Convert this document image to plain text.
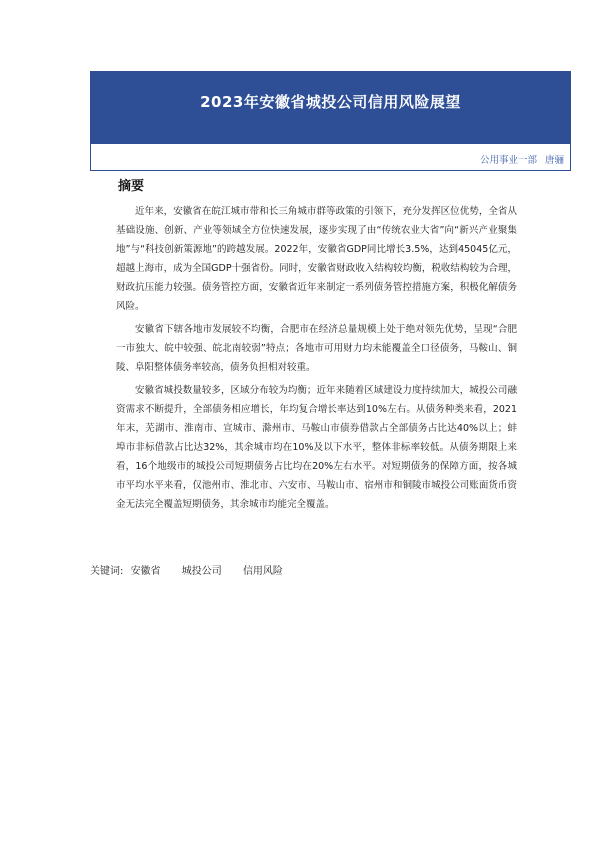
2023年安徽省城投公司信用风险展望
公用事业一部 唐骊
摘要

近年来，安徽省在皖江城市带和长三角城市群等政策的引领下，充分发挥区位优势，全省从基础设施、创新、产业等领域全方位快速发展，逐步实现了由“传统农业大省”向“新兴产业聚集地”与“科技创新策源地”的跨越发展。2022年，安徽省GDP同比增长3.5%，达到45045亿元，超越上海市，成为全国GDP十强省份。同时，安徽省财政收入结构较均衡，税收结构较为合理，财政抗压能力较强。债务管控方面，安徽省近年来制定一系列债务管控措施方案，积极化解债务风险。

安徽省下辖各地市发展较不均衡，合肥市在经济总量规模上处于绝对领先优势，呈现“合肥一市独大、皖中较强、皖北南较弱”特点；各地市可用财力均未能覆盖全口径债务，马鞍山、铜陵、阜阳整体债务率较高，债务负担相对较重。

安徽省城投数量较多，区域分布较为均衡；近年来随着区域建设力度持续加大，城投公司融资需求不断提升，全部债务相应增长，年均复合增长率达到10%左右。从债务种类来看，2021年末，芜湖市、淮南市、宣城市、滁州市、马鞍山市债券借款占全部债务占比达40%以上；蚌埠市非标借款占比达32%，其余城市均在10%及以下水平，整体非标率较低。从债务期限上来看，16个地级市的城投公司短期债务占比均在20%左右水平。对短期债务的保障方面，按各城市平均水平来看，仅池州市、淮北市、六安市、马鞍山市、宿州市和铜陵市城投公司账面货币资金无法完全覆盖短期债务，其余城市均能完全覆盖。

关键词: 安徽省 城投公司 信用风险
